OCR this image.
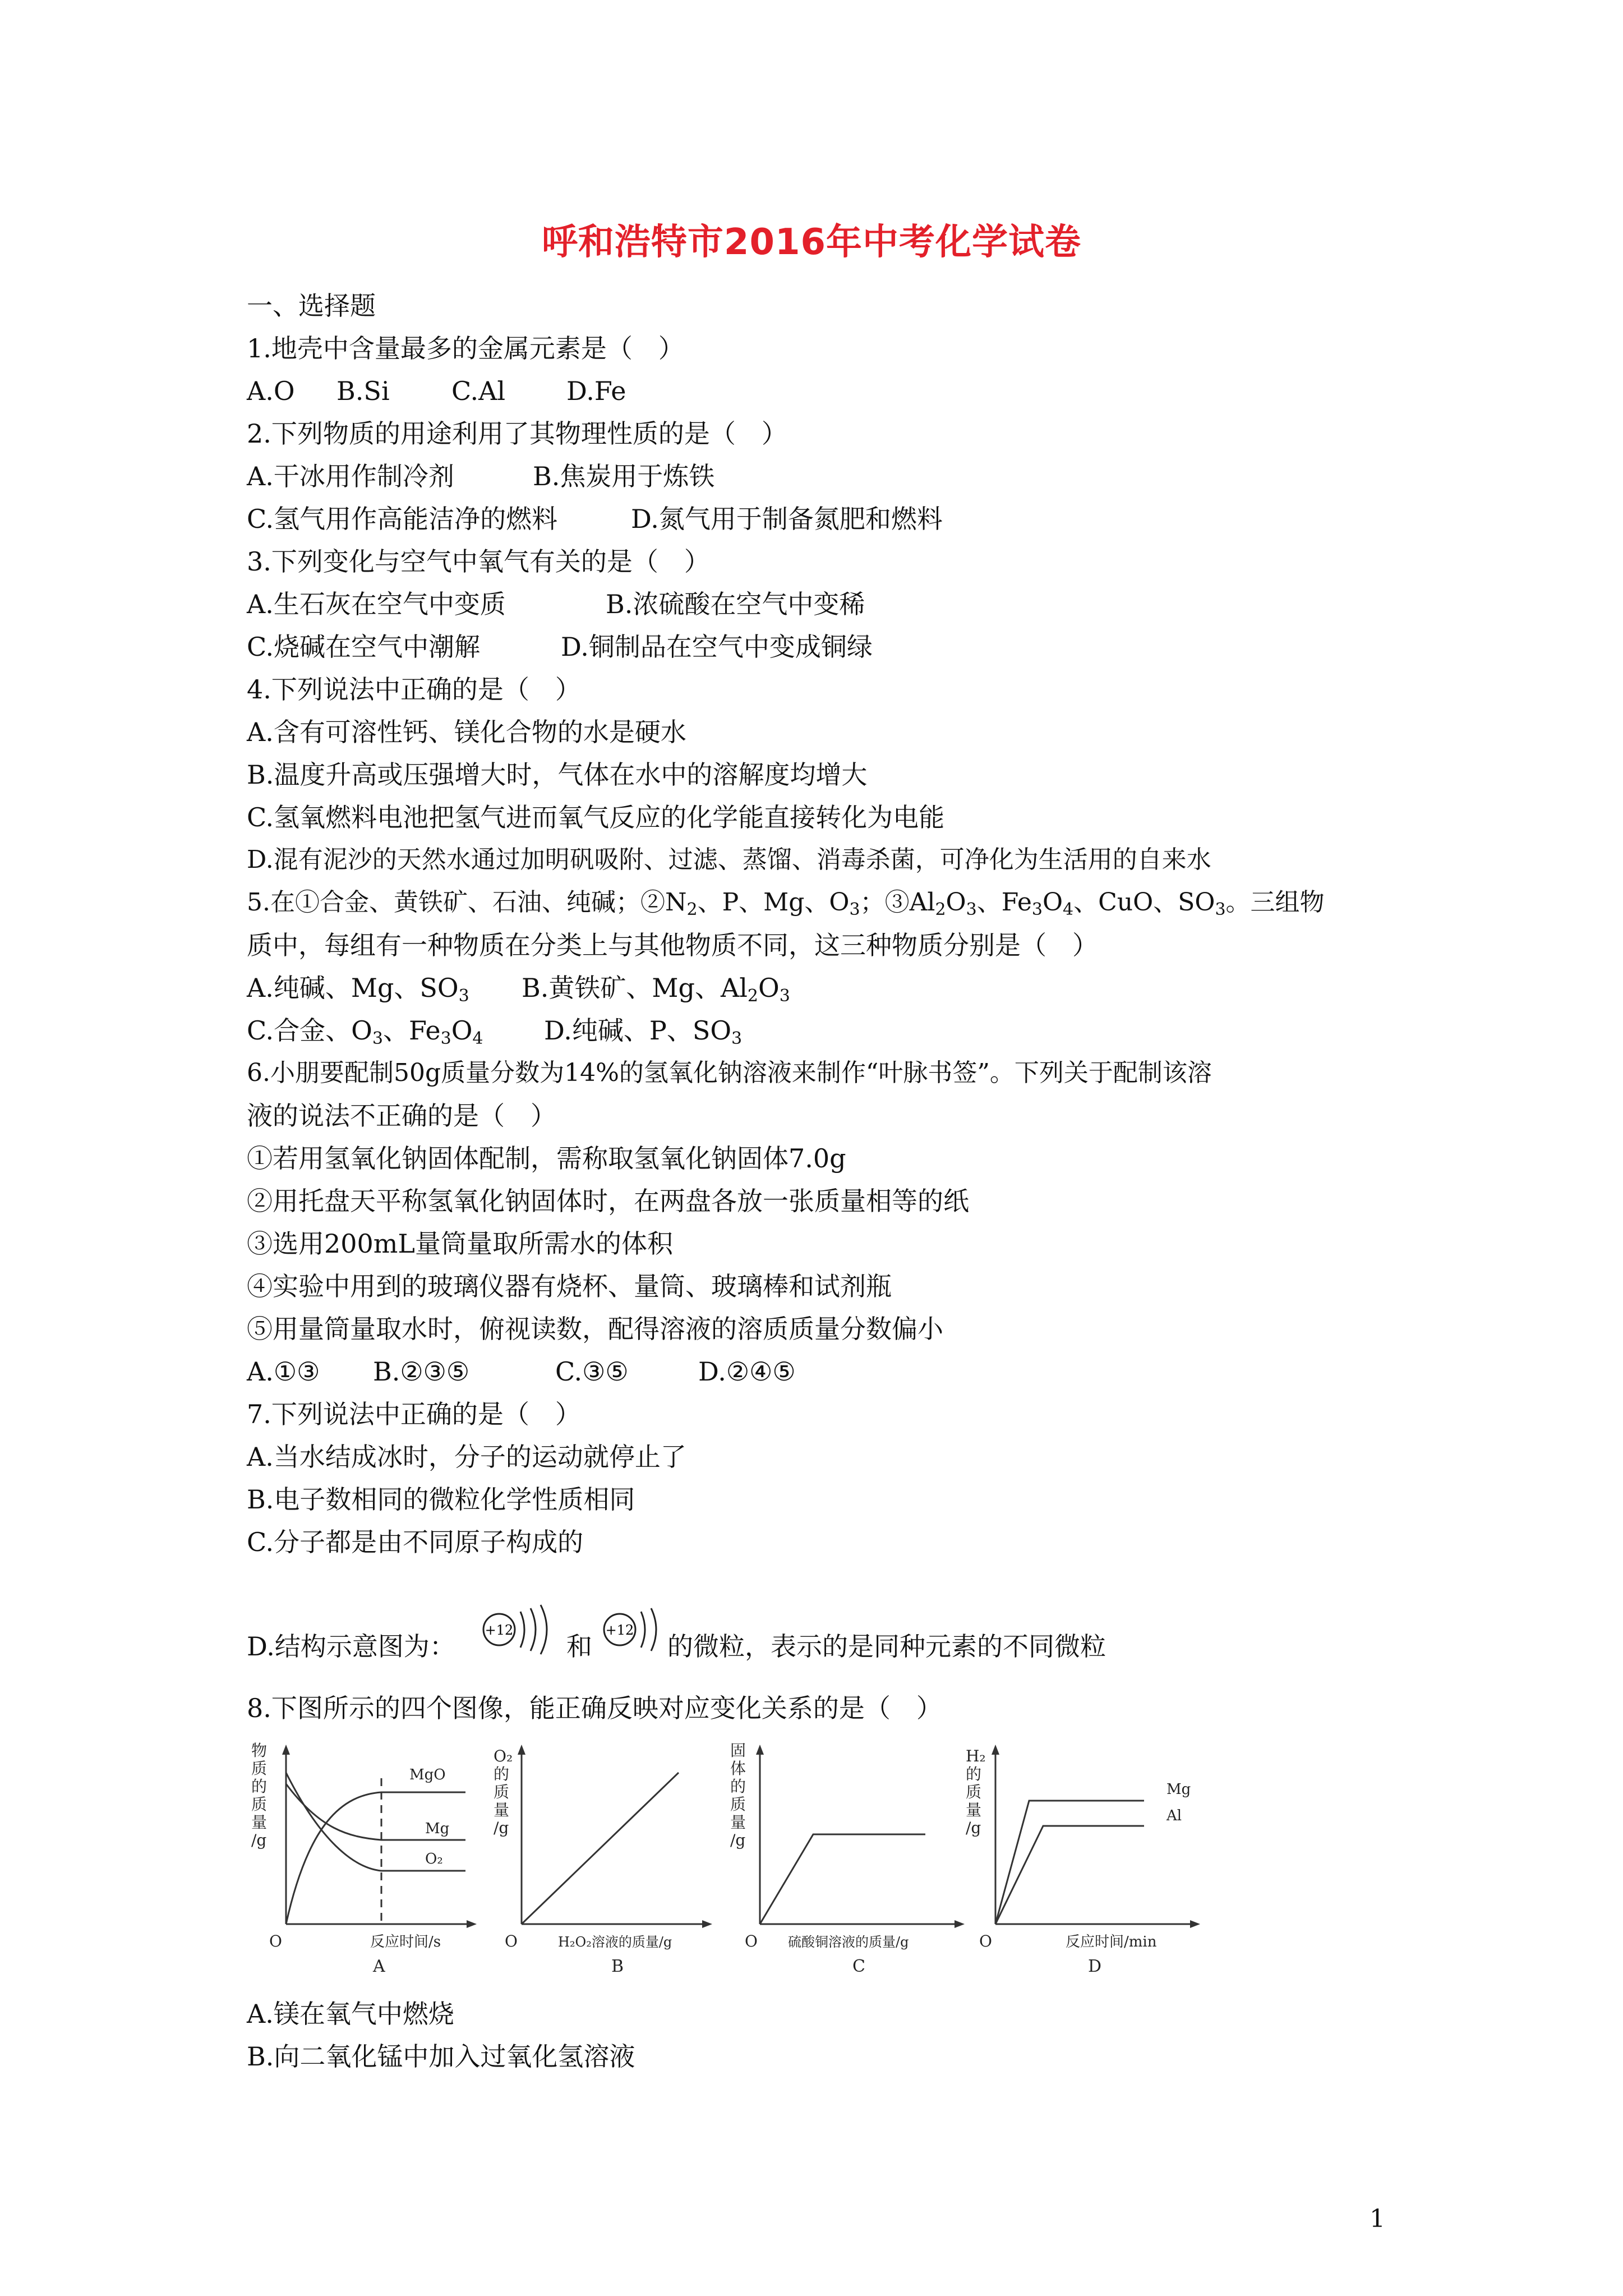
呼和浩特市2016年中考化学试卷
一、选择题
1.地壳中含量最多的金属元素是（　）
A.O B.Si C.Al D.Fe
2.下列物质的用途利用了其物理性质的是（　）
A.干冰用作制冷剂	B.焦炭用于炼铁
C.氢气用作高能洁净的燃料	D.氮气用于制备氮肥和燃料
3.下列变化与空气中氧气有关的是（　）
A.生石灰在空气中变质	B.浓硫酸在空气中变稀
C.烧碱在空气中潮解	D.铜制品在空气中变成铜绿
4.下列说法中正确的是（　）
A.含有可溶性钙、镁化合物的水是硬水
B.温度升高或压强增大时，气体在水中的溶解度均增大
C.氢氧燃料电池把氢气进而氧气反应的化学能直接转化为电能
D.混有泥沙的天然水通过加明矾吸附、过滤、蒸馏、消毒杀菌，可净化为生活用的自来水
5.在①合金、黄铁矿、石油、纯碱；$②N_2$、P、Mg、$O_3$；$③Al_2O_3$、$Fe_3O_4$、CuO、$SO_3$。三组物
质中，每组有一种物质在分类上与其他物质不同，这三种物质分别是（　）
A.纯碱、Mg、$SO_3$ B.黄铁矿、Mg、$Al_2O_3$
C.合金、$O_3$、$Fe_3O_4$ D.纯碱、P、$SO_3$
6.小朋要配制50g质量分数为14%的氢氧化钠溶液来制作“叶脉书签”。下列关于配制该溶
液的说法不正确的是（　）
①若用氢氧化钠固体配制，需称取氢氧化钠固体7.0g
②用托盘天平称氢氧化钠固体时，在两盘各放一张质量相等的纸
③选用200mL量筒量取所需水的体积
④实验中用到的玻璃仪器有烧杯、量筒、玻璃棒和试剂瓶
⑤用量筒量取水时，俯视读数，配得溶液的溶质质量分数偏小
A.①③ B.②③⑤	C.③⑤	D.②④⑤
7.下列说法中正确的是（　）
A.当水结成冰时，分子的运动就停止了
B.电子数相同的微粒化学性质相同
C.分子都是由不同原子构成的
D.结构示意图为：
+12
和
+12
的微粒，表示的是同种元素的不同微粒
8.下图所示的四个图像，能正确反映对应变化关系的是（　）
物
质
的
质
量
/g
O₂
的
质
量
/g
固
体
的
质
量
/g
H₂
的
质
量
/g
MgO
Mg
O₂
Mg
Al
O	O	O	O
反应时间/s	H₂O₂溶液的质量/g	硫酸铜溶液的质量/g	反应时间/min
A	B	C	D
A.镁在氧气中燃烧
B.向二氧化锰中加入过氧化氢溶液
1
